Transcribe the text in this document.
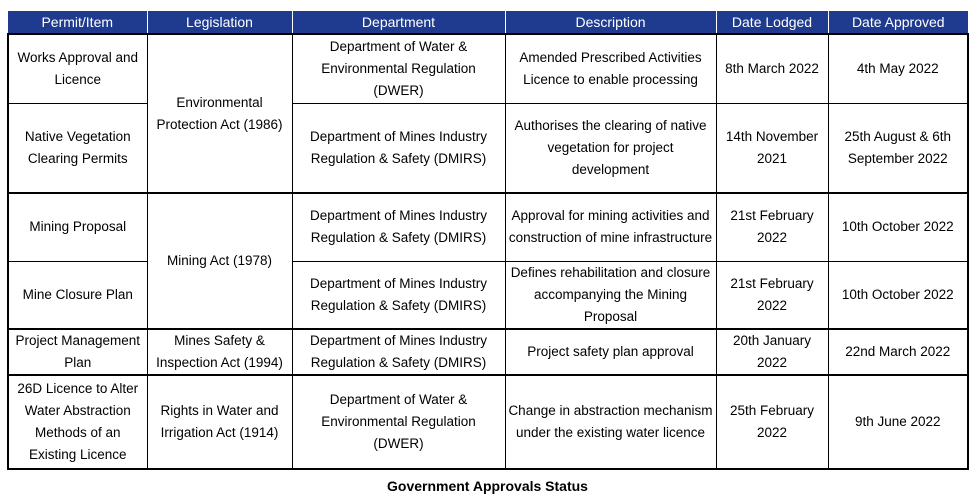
Permit/Item	Legislation	Department	Description	Date Lodged	Date Approved
Works Approval and Licence	Environmental Protection Act (1986)	Department of Water & Environmental Regulation (DWER)	Amended Prescribed Activities Licence to enable processing	8th March 2022	4th May 2022
Native Vegetation Clearing Permits		Department of Mines Industry Regulation & Safety (DMIRS)	Authorises the clearing of native vegetation for project development	14th November 2021	25th August & 6th September 2022
Mining Proposal	Mining Act (1978)	Department of Mines Industry Regulation & Safety (DMIRS)	Approval for mining activities and construction of mine infrastructure	21st February 2022	10th October 2022
Mine Closure Plan		Department of Mines Industry Regulation & Safety (DMIRS)	Defines rehabilitation and closure accompanying the Mining Proposal	21st February 2022	10th October 2022
Project Management Plan	Mines Safety & Inspection Act (1994)	Department of Mines Industry Regulation & Safety (DMIRS)	Project safety plan approval	20th January 2022	22nd March 2022
26D Licence to Alter Water Abstraction Methods of an Existing Licence	Rights in Water and Irrigation Act (1914)	Department of Water & Environmental Regulation (DWER)	Change in abstraction mechanism under the existing water licence	25th February 2022	9th June 2022
Government Approvals Status
